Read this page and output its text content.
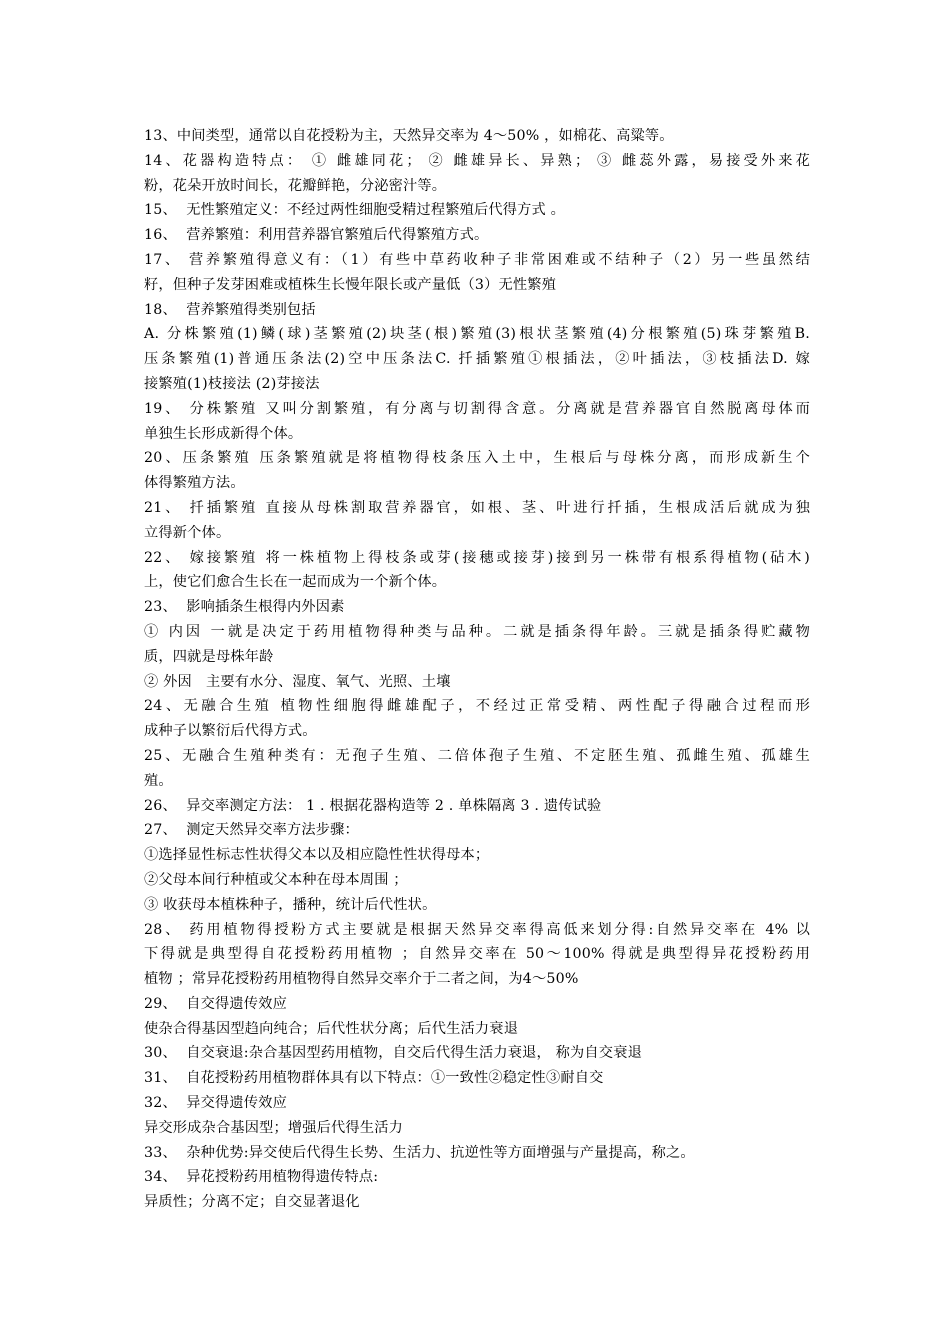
13、中间类型，通常以自花授粉为主，天然异交率为 4～50% ，如棉花、高粱等。
14、花器构造特点： ① 雌雄同花； ② 雌雄异长、异熟； ③ 雌蕊外露，易接受外来花
粉，花朵开放时间长，花瓣鲜艳，分泌密汁等。
15、  无性繁殖定义：不经过两性细胞受精过程繁殖后代得方式 。
16、  营养繁殖：利用营养器官繁殖后代得繁殖方式。
17、 营养繁殖得意义有：（1）有些中草药收种子非常困难或不结种子（2）另一些虽然结
籽，但种子发芽困难或植株生长慢年限长或产量低（3）无性繁殖
18、  营养繁殖得类别包括
A. 分株繁殖(1)鳞(球)茎繁殖(2)块茎(根)繁殖(3)根状茎繁殖(4)分根繁殖(5)珠芽繁殖B.
压条繁殖(1)普通压条法(2)空中压条法C. 扦插繁殖①根插法，②叶插法，③枝插法D. 嫁
接繁殖(1)枝接法 (2)芽接法
19、 分株繁殖 又叫分割繁殖，有分离与切割得含意。分离就是营养器官自然脱离母体而
单独生长形成新得个体。
20、压条繁殖 压条繁殖就是将植物得枝条压入土中，生根后与母株分离，而形成新生个
体得繁殖方法。
21、 扦插繁殖 直接从母株割取营养器官，如根、茎、叶进行扦插，生根成活后就成为独
立得新个体。
22、 嫁接繁殖 将一株植物上得枝条或芽(接穗或接芽)接到另一株带有根系得植物(砧木)
上，使它们愈合生长在一起而成为一个新个体。
23、  影响插条生根得内外因素
① 内因 一就是决定于药用植物得种类与品种。二就是插条得年龄。三就是插条得贮藏物
质，四就是母株年龄
② 外因   主要有水分、湿度、氧气、光照、土壤
24、无融合生殖 植物性细胞得雌雄配子，不经过正常受精、两性配子得融合过程而形
成种子以繁衍后代得方式。
25、无融合生殖种类有：无孢子生殖、二倍体孢子生殖、不定胚生殖、孤雌生殖、孤雄生
殖。
26、  异交率测定方法： 1 . 根据花器构造等 2 . 单株隔离 3 . 遗传试验
27、  测定天然异交率方法步骤：
①选择显性标志性状得父本以及相应隐性性状得母本；
②父母本间行种植或父本种在母本周围 ；
③ 收获母本植株种子，播种，统计后代性状。
28、 药用植物得授粉方式主要就是根据天然异交率得高低来划分得:自然异交率在 4% 以
下得就是典型得自花授粉药用植物 ；自然异交率在 50～100% 得就是典型得异花授粉药用
植物 ；常异花授粉药用植物得自然异交率介于二者之间，为4～50%
29、  自交得遗传效应
使杂合得基因型趋向纯合；后代性状分离；后代生活力衰退
30、  自交衰退:杂合基因型药用植物，自交后代得生活力衰退， 称为自交衰退
31、  自花授粉药用植物群体具有以下特点：①一致性②稳定性③耐自交
32、  异交得遗传效应
异交形成杂合基因型；增强后代得生活力
33、  杂种优势:异交使后代得生长势、生活力、抗逆性等方面增强与产量提高，称之。
34、  异花授粉药用植物得遗传特点:
异质性；分离不定；自交显著退化
